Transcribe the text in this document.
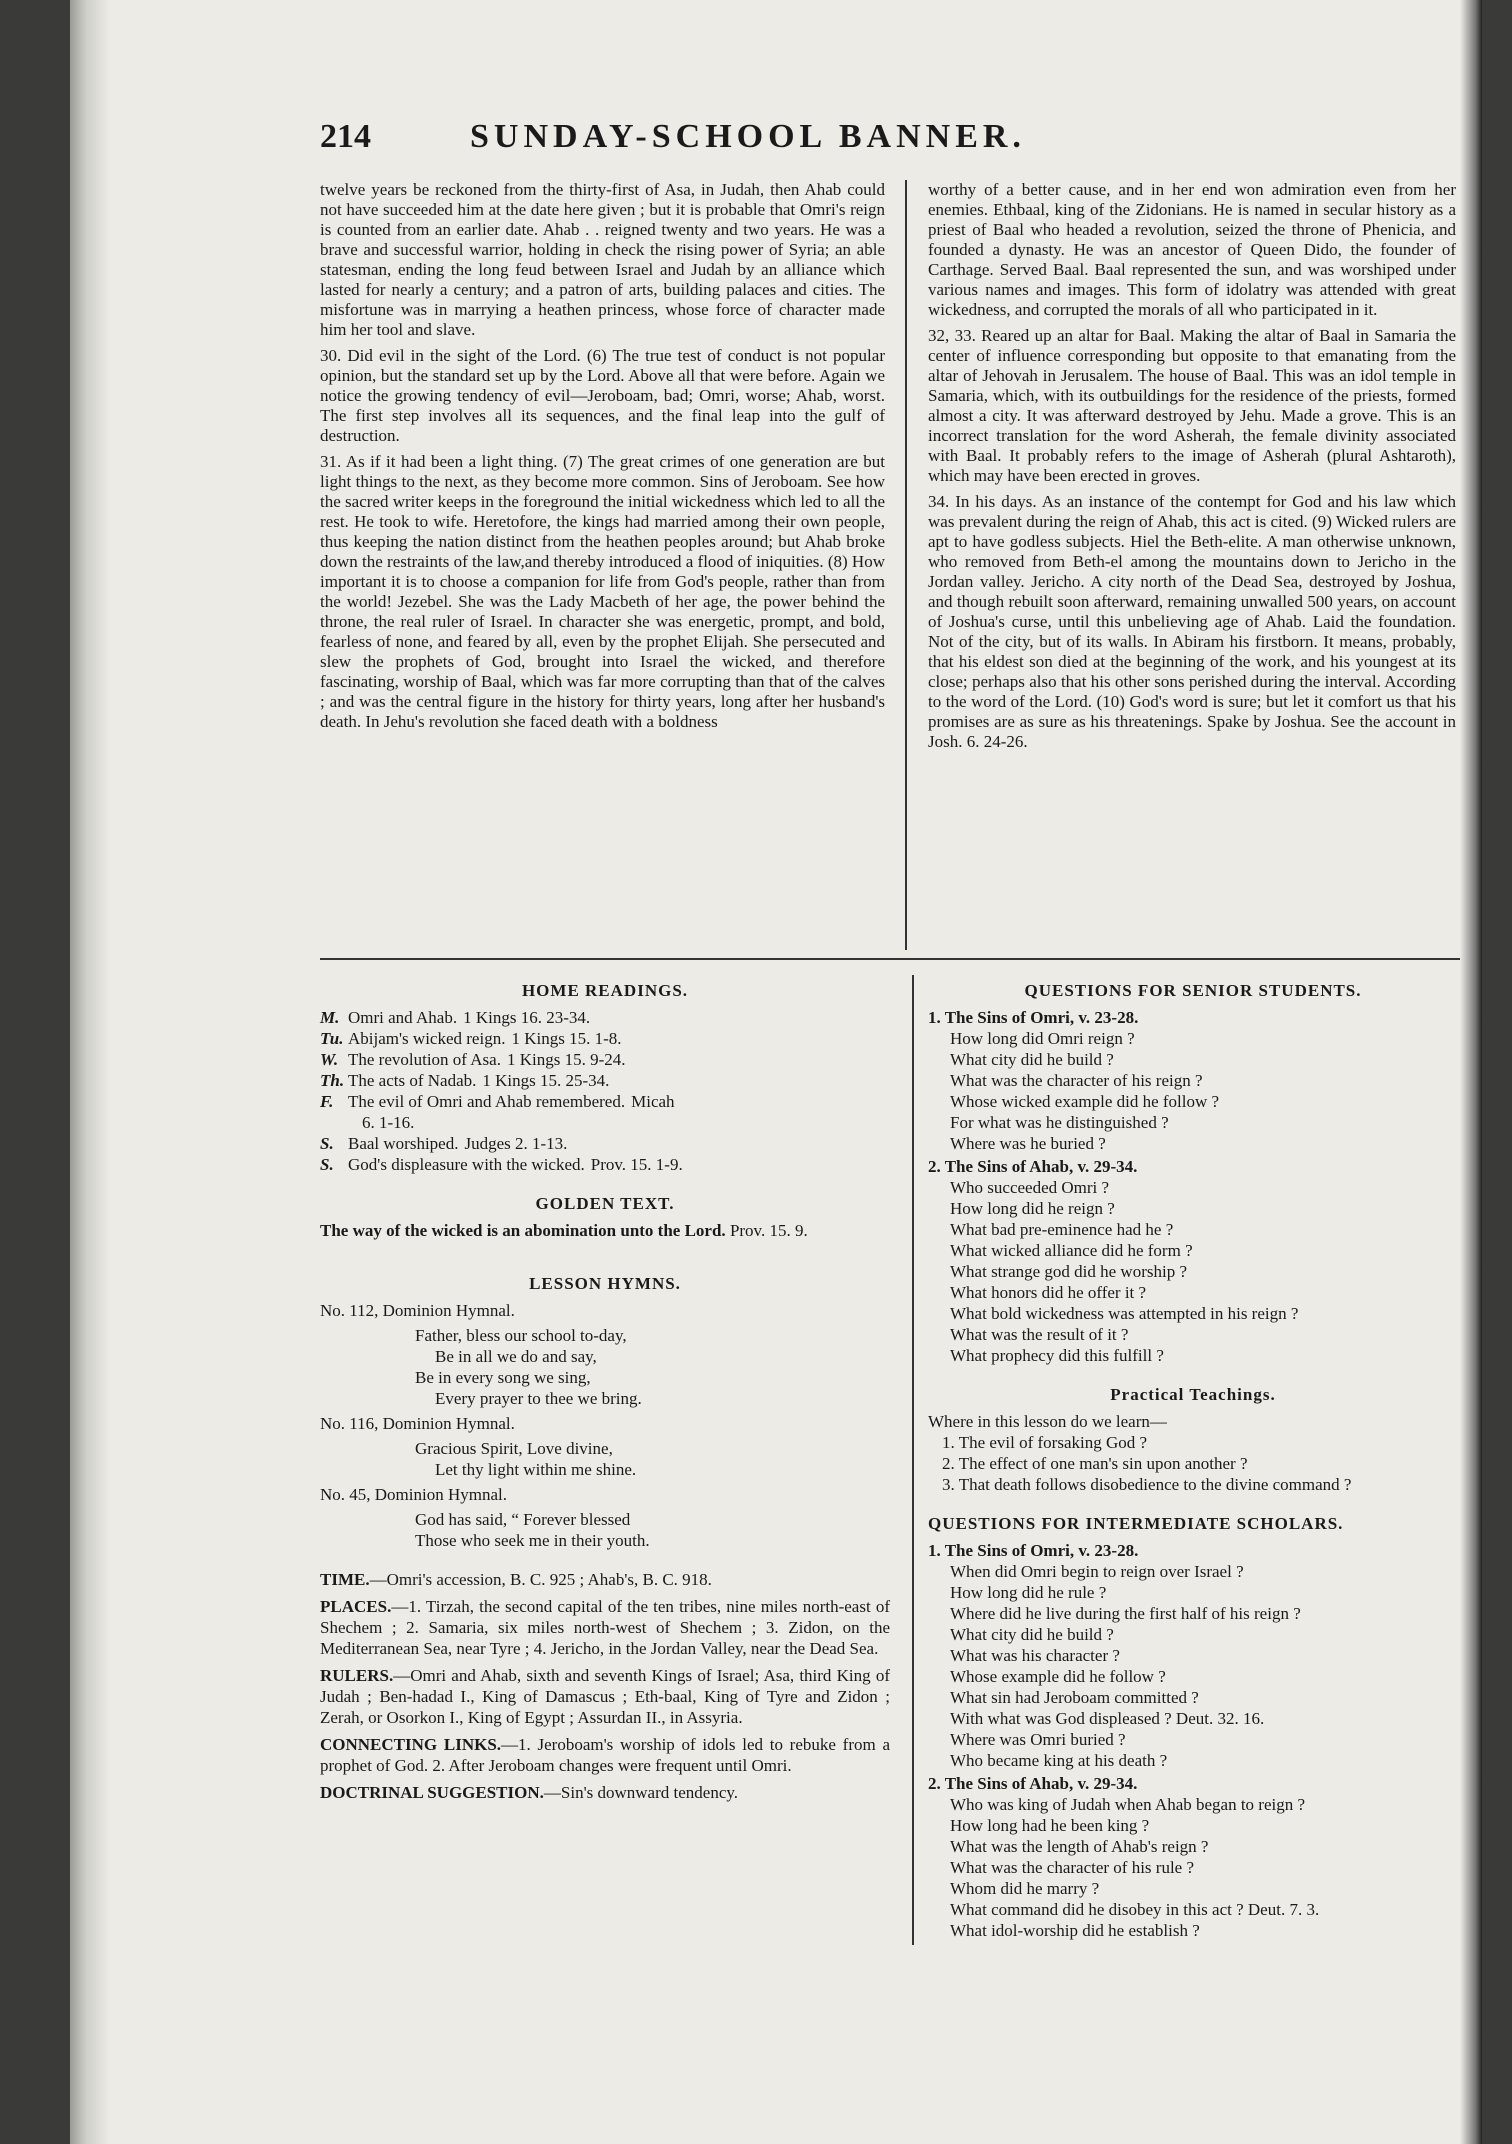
214	SUNDAY-SCHOOL BANNER.

twelve years be reckoned from the thirty-first of Asa, in Judah, then Ahab could not have succeeded him at the date here given ; but it is probable that Omri's reign is counted from an earlier date. Ahab . . reigned twenty and two years. He was a brave and successful warrior, holding in check the rising power of Syria; an able statesman, ending the long feud between Israel and Judah by an alliance which lasted for nearly a century; and a patron of arts, building palaces and cities. The misfortune was in marrying a heathen princess, whose force of character made him her tool and slave.

30. Did evil in the sight of the Lord. (6) The true test of conduct is not popular opinion, but the standard set up by the Lord. Above all that were before. Again we notice the growing tendency of evil—Jeroboam, bad; Omri, worse; Ahab, worst. The first step involves all its sequences, and the final leap into the gulf of destruction.

31. As if it had been a light thing. (7) The great crimes of one generation are but light things to the next, as they become more common. Sins of Jeroboam. See how the sacred writer keeps in the foreground the initial wickedness which led to all the rest. He took to wife. Heretofore, the kings had married among their own people, thus keeping the nation distinct from the heathen peoples around; but Ahab broke down the restraints of the law,and thereby introduced a flood of iniquities. (8) How important it is to choose a companion for life from God's people, rather than from the world! Jezebel. She was the Lady Macbeth of her age, the power behind the throne, the real ruler of Israel. In character she was energetic, prompt, and bold, fearless of none, and feared by all, even by the prophet Elijah. She persecuted and slew the prophets of God, brought into Israel the wicked, and therefore fascinating, worship of Baal, which was far more corrupting than that of the calves ; and was the central figure in the history for thirty years, long after her husband's death. In Jehu's revolution she faced death with a boldness

worthy of a better cause, and in her end won admiration even from her enemies. Ethbaal, king of the Zidonians. He is named in secular history as a priest of Baal who headed a revolution, seized the throne of Phenicia, and founded a dynasty. He was an ancestor of Queen Dido, the founder of Carthage. Served Baal. Baal represented the sun, and was worshiped under various names and images. This form of idolatry was attended with great wickedness, and corrupted the morals of all who participated in it.

32, 33. Reared up an altar for Baal. Making the altar of Baal in Samaria the center of influence corresponding but opposite to that emanating from the altar of Jehovah in Jerusalem. The house of Baal. This was an idol temple in Samaria, which, with its outbuildings for the residence of the priests, formed almost a city. It was afterward destroyed by Jehu. Made a grove. This is an incorrect translation for the word Asherah, the female divinity associated with Baal. It probably refers to the image of Asherah (plural Ashtaroth), which may have been erected in groves.

34. In his days. As an instance of the contempt for God and his law which was prevalent during the reign of Ahab, this act is cited. (9) Wicked rulers are apt to have godless subjects. Hiel the Beth-elite. A man otherwise unknown, who removed from Beth-el among the mountains down to Jericho in the Jordan valley. Jericho. A city north of the Dead Sea, destroyed by Joshua, and though rebuilt soon afterward, remaining unwalled 500 years, on account of Joshua's curse, until this unbelieving age of Ahab. Laid the foundation. Not of the city, but of its walls. In Abiram his firstborn. It means, probably, that his eldest son died at the beginning of the work, and his youngest at its close; perhaps also that his other sons perished during the interval. According to the word of the Lord. (10) God's word is sure; but let it comfort us that his promises are as sure as his threatenings. Spake by Joshua. See the account in Josh. 6. 24-26.

HOME READINGS.
M. Omri and Ahab. 1 Kings 16. 23-34.
Tu. Abijam's wicked reign. 1 Kings 15. 1-8.
W. The revolution of Asa. 1 Kings 15. 9-24.
Th. The acts of Nadab. 1 Kings 15. 25-34.
F. The evil of Omri and Ahab remembered. Micah
6. 1-16.
S. Baal worshiped. Judges 2. 1-13.
S. God's displeasure with the wicked. Prov. 15. 1-9.
GOLDEN TEXT.
The way of the wicked is an abomination unto the Lord. Prov. 15. 9.
LESSON HYMNS.
No. 112, Dominion Hymnal.
Father, bless our school to-day,
Be in all we do and say,
Be in every song we sing,
Every prayer to thee we bring.
No. 116, Dominion Hymnal.
Gracious Spirit, Love divine,
Let thy light within me shine.
No. 45, Dominion Hymnal.
God has said, “ Forever blessed
Those who seek me in their youth.

TIME.—Omri's accession, B. C. 925 ; Ahab's, B. C. 918.

PLACES.—1. Tirzah, the second capital of the ten tribes, nine miles north-east of Shechem ; 2. Samaria, six miles north-west of Shechem ; 3. Zidon, on the Mediterranean Sea, near Tyre ; 4. Jericho, in the Jordan Valley, near the Dead Sea.

RULERS.—Omri and Ahab, sixth and seventh Kings of Israel; Asa, third King of Judah ; Ben-hadad I., King of Damascus ; Eth-baal, King of Tyre and Zidon ; Zerah, or Osorkon I., King of Egypt ; Assurdan II., in Assyria.

CONNECTING LINKS.—1. Jeroboam's worship of idols led to rebuke from a prophet of God. 2. After Jeroboam changes were frequent until Omri.

DOCTRINAL SUGGESTION.—Sin's downward tendency.

QUESTIONS FOR SENIOR STUDENTS.
1. The Sins of Omri, v. 23-28.
How long did Omri reign ?
What city did he build ?
What was the character of his reign ?
Whose wicked example did he follow ?
For what was he distinguished ?
Where was he buried ?
2. The Sins of Ahab, v. 29-34.
Who succeeded Omri ?
How long did he reign ?
What bad pre-eminence had he ?
What wicked alliance did he form ?
What strange god did he worship ?
What honors did he offer it ?
What bold wickedness was attempted in his reign ?
What was the result of it ?
What prophecy did this fulfill ?
Practical Teachings.
Where in this lesson do we learn—
1. The evil of forsaking God ?
2. The effect of one man's sin upon another ?
3. That death follows disobedience to the divine command ?
QUESTIONS FOR INTERMEDIATE SCHOLARS.
1. The Sins of Omri, v. 23-28.
When did Omri begin to reign over Israel ?
How long did he rule ?
Where did he live during the first half of his reign ?
What city did he build ?
What was his character ?
Whose example did he follow ?
What sin had Jeroboam committed ?
With what was God displeased ? Deut. 32. 16.
Where was Omri buried ?
Who became king at his death ?
2. The Sins of Ahab, v. 29-34.
Who was king of Judah when Ahab began to reign ?
How long had he been king ?
What was the length of Ahab's reign ?
What was the character of his rule ?
Whom did he marry ?
What command did he disobey in this act ? Deut. 7. 3.
What idol-worship did he establish ?
